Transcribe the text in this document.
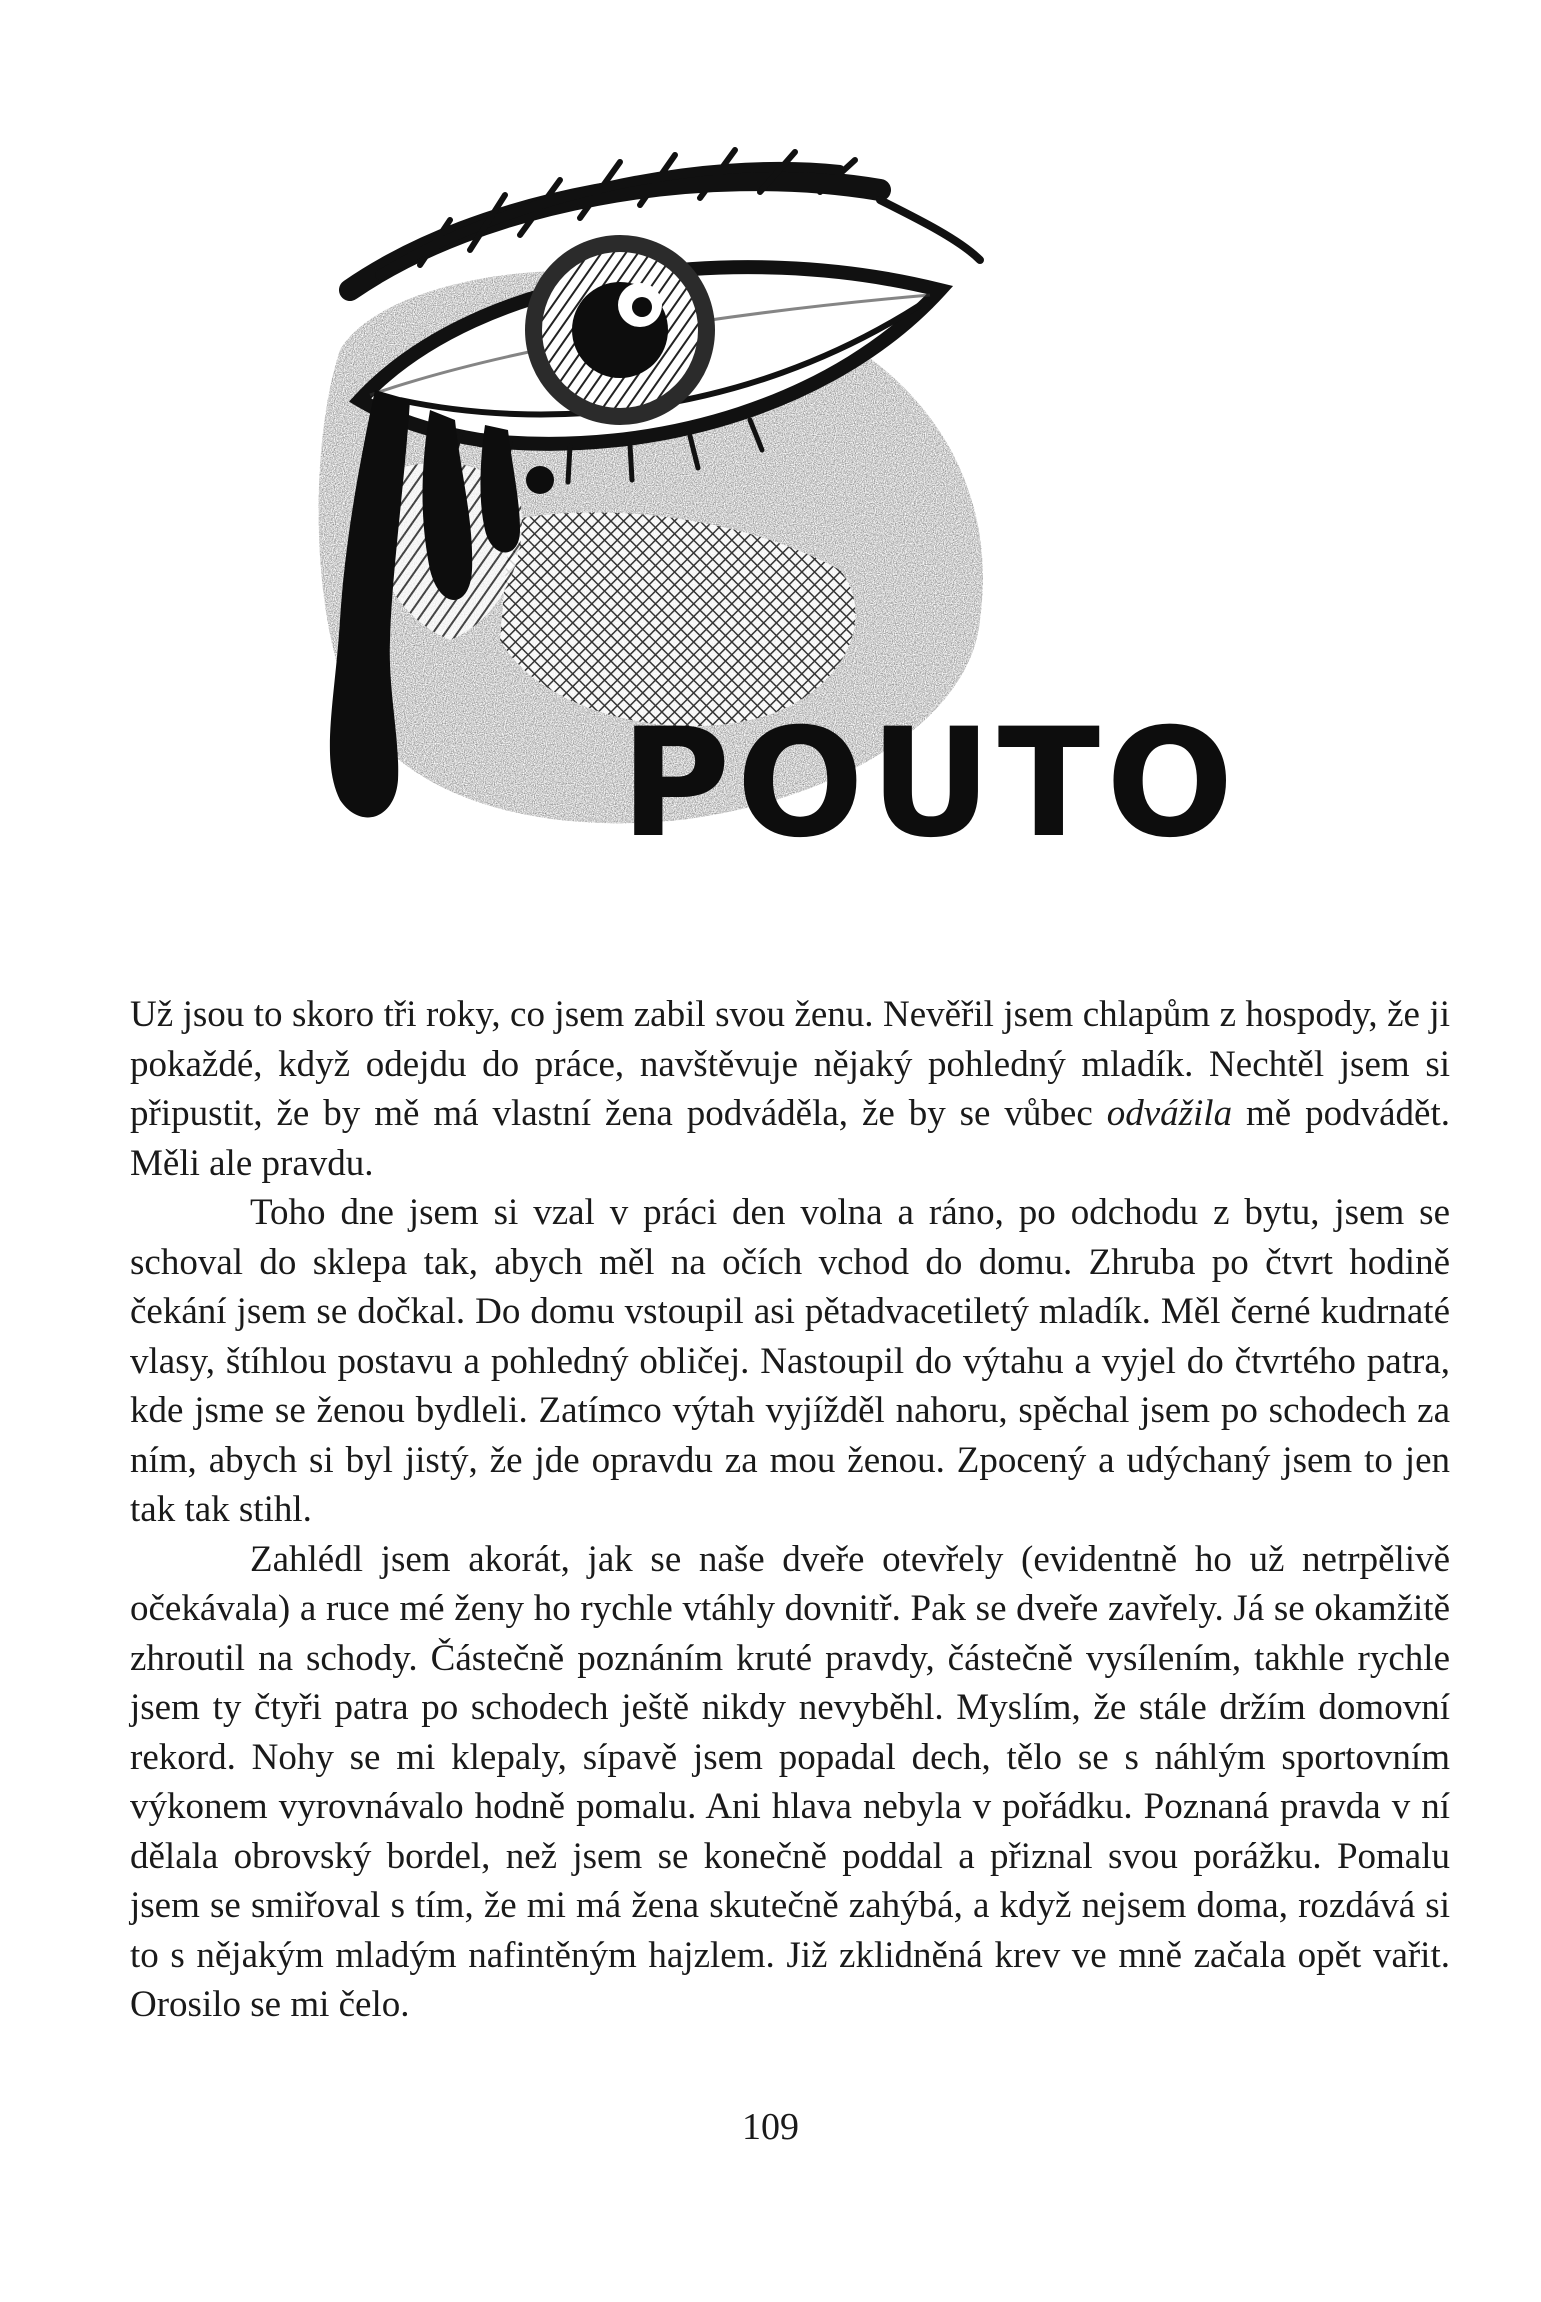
POUTO

Už jsou to skoro tři roky, co jsem zabil svou ženu. Nevěřil jsem chlapům z hospody, že ji pokaždé, když odejdu do práce, navštěvuje nějaký pohledný mladík. Nechtěl jsem si připustit, že by mě má vlastní žena podváděla, že by se vůbec odvážila mě podvádět. Měli ale pravdu.

Toho dne jsem si vzal v práci den volna a ráno, po odchodu z bytu, jsem se schoval do sklepa tak, abych měl na očích vchod do domu. Zhruba po čtvrt hodině čekání jsem se dočkal. Do domu vstoupil asi pětadvacetiletý mladík. Měl černé kudrnaté vlasy, štíhlou postavu a pohledný obličej. Nastoupil do výtahu a vyjel do čtvrtého patra, kde jsme se ženou bydleli. Zatímco výtah vyjížděl nahoru, spěchal jsem po schodech za ním, abych si byl jistý, že jde opravdu za mou ženou. Zpocený a udýchaný jsem to jen tak tak stihl.

Zahlédl jsem akorát, jak se naše dveře otevřely (evidentně ho už netrpělivě očekávala) a ruce mé ženy ho rychle vtáhly dovnitř. Pak se dveře zavřely. Já se okamžitě zhroutil na schody. Částečně poznáním kruté pravdy, částečně vysílením, takhle rychle jsem ty čtyři patra po schodech ještě nikdy nevyběhl. Myslím, že stále držím domovní rekord. Nohy se mi klepaly, sípavě jsem popadal dech, tělo se s náhlým sportovním výkonem vyrovnávalo hodně pomalu. Ani hlava nebyla v pořádku. Poznaná pravda v ní dělala obrovský bordel, než jsem se konečně poddal a přiznal svou porážku. Pomalu jsem se smiřoval s tím, že mi má žena skutečně zahýbá, a když nejsem doma, rozdává si to s nějakým mladým nafintěným hajzlem. Již zklidněná krev ve mně začala opět vařit. Orosilo se mi čelo.

109
